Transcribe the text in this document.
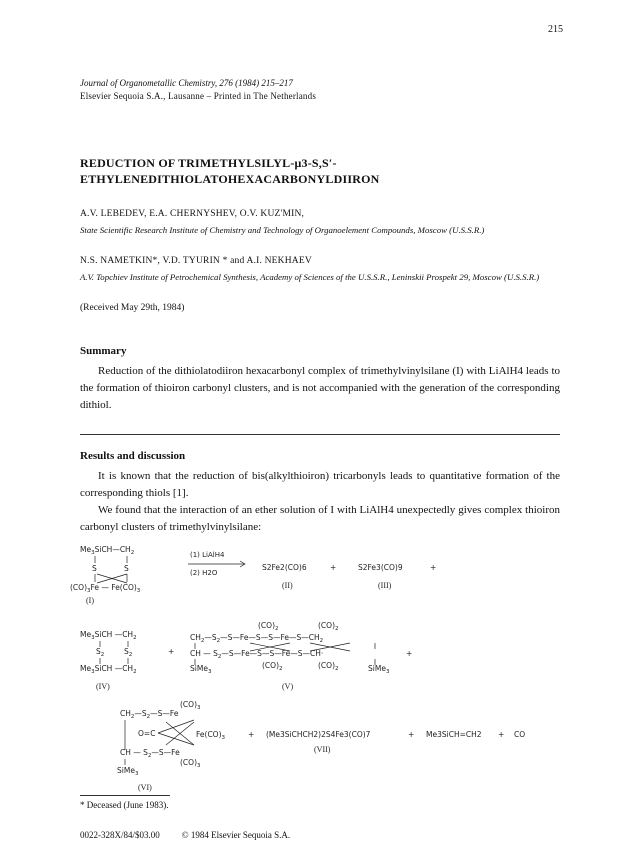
215
Journal of Organometallic Chemistry, 276 (1984) 215–217
Elsevier Sequoia S.A., Lausanne – Printed in The Netherlands
REDUCTION OF TRIMETHYLSILYL-μ3-S,S′-
ETHYLENEDITHIOLATOHEXACARBONYLDIIRON
A.V. LEBEDEV, E.A. CHERNYSHEV, O.V. KUZ'MIN,
State Scientific Research Institute of Chemistry and Technology of Organoelement Compounds, Moscow (U.S.S.R.)
N.S. NAMETKIN*, V.D. TYURIN * and A.I. NEKHAEV
A.V. Topchiev Institute of Petrochemical Synthesis, Academy of Sciences of the U.S.S.R., Leninskii Prospekt 29, Moscow (U.S.S.R.)
(Received May 29th, 1984)
Summary
Reduction of the dithiolatodiiron hexacarbonyl complex of trimethylvinylsilane (I) with LiAlH4 leads to the formation of thioiron carbonyl clusters, and is not accompanied with the generation of the corresponding dithiol.
Results and discussion
It is known that the reduction of bis(alkylthioiron) tricarbonyls leads to quantitative formation of the corresponding thiols [1].
We found that the interaction of an ether solution of I with LiAlH4 unexpectedly gives complex thioiron carbonyl clusters of trimethylvinylsilane:
$Me_3SiCH—CH_2$
S	S
$(CO)_3Fe$ — $Fe(CO)_3$
(I)
(1) LiAlH4
(2) H2O
S2Fe2(CO)6	+	S2Fe3(CO)9	+
(II)	(III)
$Me_3SiCH$ $—CH_2$
$S_2$	$S_2$
$Me_3SiCH$ $—CH_2$
+
(IV)
$(CO)_2$	$(CO)_2$
$CH_2—S_2—S—Fe—S—S—Fe—S—CH_2$
CH — $S_2—S—Fe—S—S—Fe—S—CH\cdot$
SiMe$_3$
$(CO)_2$	$(CO)_2$	SiMe$_3$
+
(V)
$(CO)_3$
$CH_2—S_2—S—Fe$
O=C	$Fe(CO)_3$
CH — $S_2—S—Fe$
$(CO)_3$
SiMe$_3$
+ (Me3SiCHCH2)2S4Fe3(CO)7	+ Me3SiCH=CH2 + CO
(VII)
(VI)
* Deceased (June 1983).
0022-328X/84/$03.00 © 1984 Elsevier Sequoia S.A.
